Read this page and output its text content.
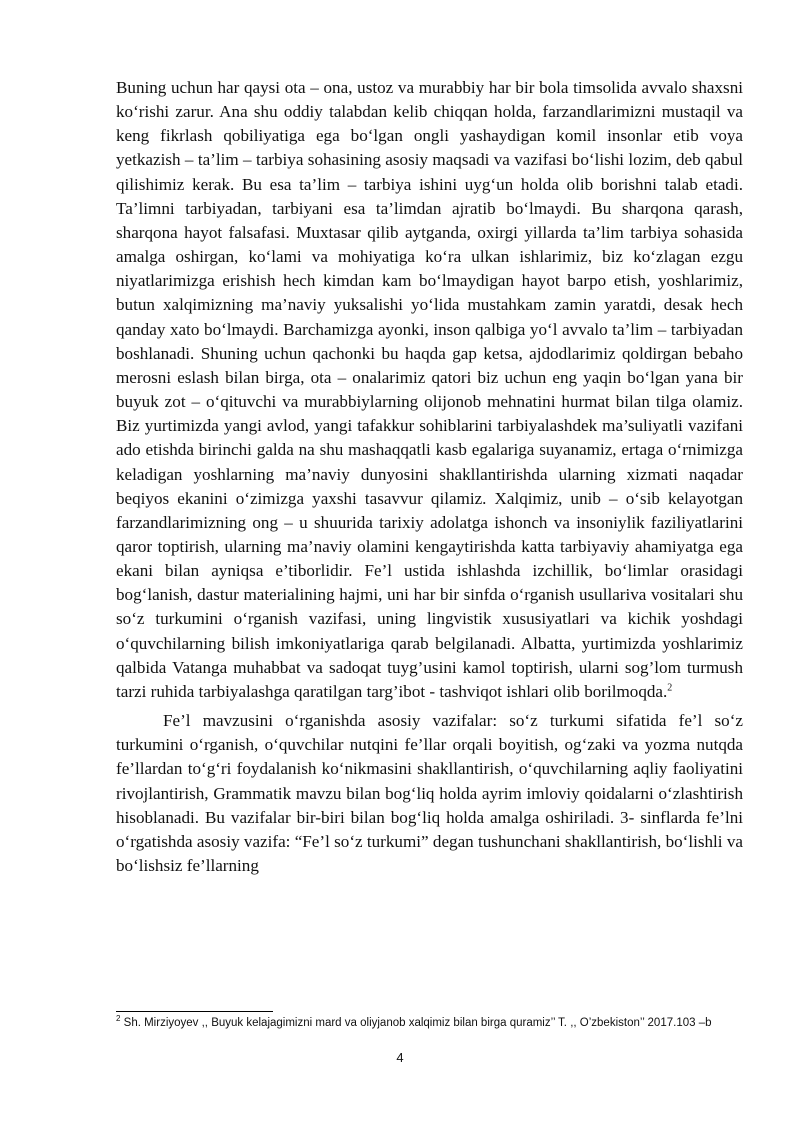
Buning uchun har qaysi ota – ona, ustoz va murabbiy har bir bola timsolida avvalo shaxsni ko‘rishi zarur. Ana shu oddiy talabdan kelib chiqqan holda, farzandlarimizni mustaqil va keng fikrlash qobiliyatiga ega bo‘lgan ongli yashaydigan komil insonlar etib voya yetkazish – ta’lim – tarbiya sohasining asosiy maqsadi va vazifasi bo‘lishi lozim, deb qabul qilishimiz kerak. Bu esa ta’lim – tarbiya ishini uyg‘un holda olib borishni talab etadi. Ta’limni tarbiyadan, tarbiyani esa ta’limdan ajratib bo‘lmaydi. Bu sharqona qarash, sharqona hayot falsafasi. Muxtasar qilib aytganda, oxirgi yillarda ta’lim tarbiya sohasida amalga oshirgan, ko‘lami va mohiyatiga ko‘ra ulkan ishlarimiz, biz ko‘zlagan ezgu niyatlarimizga erishish hech kimdan kam bo‘lmaydigan hayot barpo etish, yoshlarimiz, butun xalqimizning ma’naviy yuksalishi yo‘lida mustahkam zamin yaratdi, desak hech qanday xato bo‘lmaydi. Barchamizga ayonki, inson qalbiga yo‘l avvalo ta’lim – tarbiyadan boshlanadi. Shuning uchun qachonki bu haqda gap ketsa, ajdodlarimiz qoldirgan bebaho merosni eslash bilan birga, ota – onalarimiz qatori biz uchun eng yaqin bo‘lgan yana bir buyuk zot – o‘qituvchi va murabbiylarning olijonob mehnatini hurmat bilan tilga olamiz. Biz yurtimizda yangi avlod, yangi tafakkur sohiblarini tarbiyalashdek ma’suliyatli vazifani ado etishda birinchi galda na shu mashaqqatli kasb egalariga suyanamiz, ertaga o‘rnimizga keladigan yoshlarning ma’naviy dunyosini shakllantirishda ularning xizmati naqadar beqiyos ekanini o‘zimizga yaxshi tasavvur qilamiz. Xalqimiz, unib – o‘sib kelayotgan farzandlarimizning ong – u shuurida tarixiy adolatga ishonch va insoniylik faziliyatlarini qaror toptirish, ularning ma’naviy olamini kengaytirishda katta tarbiyaviy ahamiyatga ega ekani bilan ayniqsa e’tiborlidir. Fe’l ustida ishlashda izchillik, bo‘limlar orasidagi bog‘lanish, dastur materialining hajmi, uni har bir sinfda o‘rganish usullariva vositalari shu so‘z turkumini o‘rganish vazifasi, uning lingvistik xususiyatlari va kichik yoshdagi o‘quvchilarning bilish imkoniyatlariga qarab belgilanadi. Albatta, yurtimizda yoshlarimiz qalbida Vatanga muhabbat va sadoqat tuyg’usini kamol toptirish, ularni sog’lom turmush tarzi ruhida tarbiyalashga qaratilgan targ’ibot - tashviqot ishlari olib borilmoqda.$^2$

Fe’l mavzusini o‘rganishda asosiy vazifalar: so‘z turkumi sifatida fe’l so‘z turkumini o‘rganish, o‘quvchilar nutqini fe’llar orqali boyitish, og‘zaki va yozma nutqda fe’llardan to‘g‘ri foydalanish ko‘nikmasini shakllantirish, o‘quvchilarning aqliy faoliyatini rivojlantirish, Grammatik mavzu bilan bog‘liq holda ayrim imloviy qoidalarni o‘zlashtirish hisoblanadi. Bu vazifalar bir-biri bilan bog‘liq holda amalga oshiriladi. 3- sinflarda fe’lni o‘rgatishda asosiy vazifa: “Fe’l so‘z turkumi” degan tushunchani shakllantirish, bo‘lishli va bo‘lishsiz fe’llarning

$^2$ Sh. Mirziyoyev ,, Buyuk kelajagimizni mard va oliyjanob xalqimiz bilan birga quramiz’’ T. ,, O’zbekiston’’ 2017.103 –b

4
